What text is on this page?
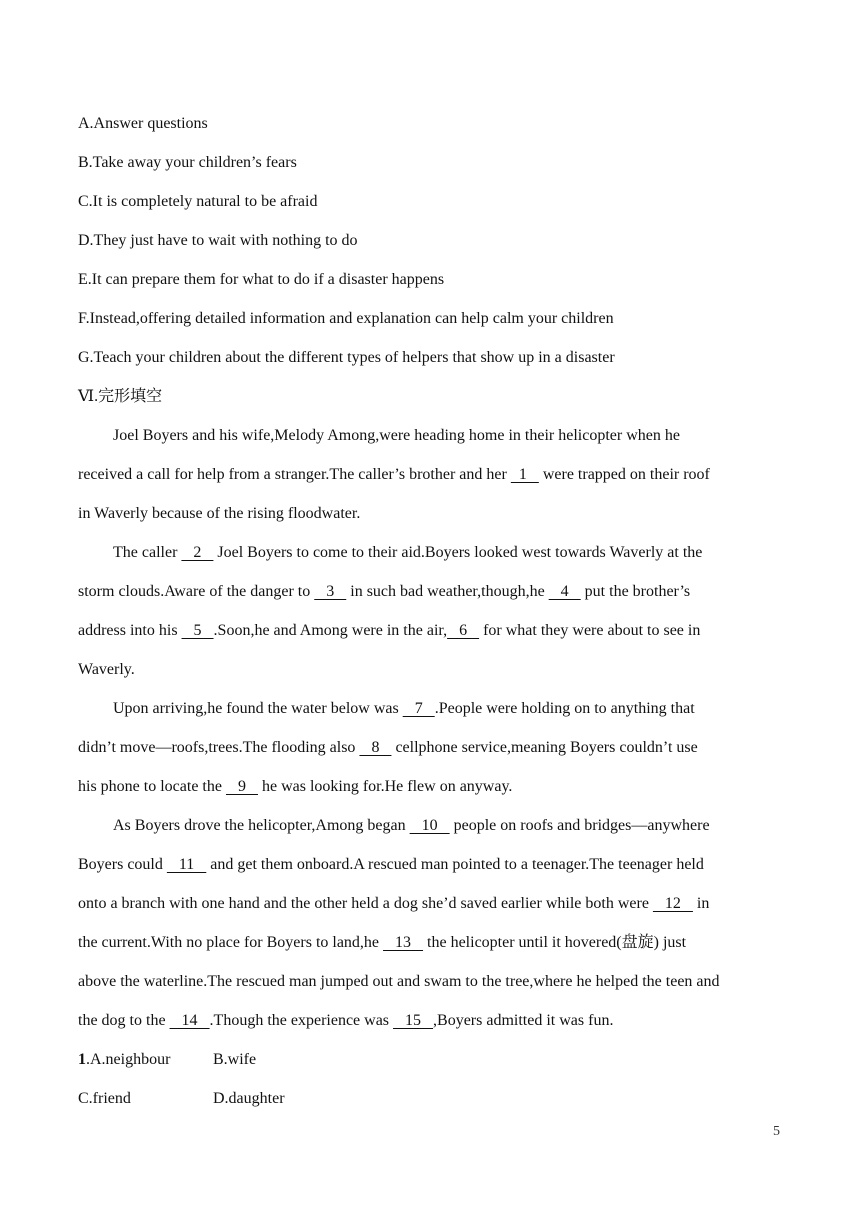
A.Answer questions
B.Take away your children’s fears
C.It is completely natural to be afraid
D.They just have to wait with nothing to do
E.It can prepare them for what to do if a disaster happens
F.Instead,offering detailed information and explanation can help calm your children
G.Teach your children about the different types of helpers that show up in a disaster
Ⅵ.完形填空
Joel Boyers and his wife,Melody Among,were heading home in their helicopter when he
received a call for help from a stranger.The caller’s brother and her   1    were trapped on their roof
in Waverly because of the rising floodwater.
The caller    2    Joel Boyers to come to their aid.Boyers looked west towards Waverly at the
storm clouds.Aware of the danger to    3    in such bad weather,though,he    4    put the brother’s
address into his    5   .Soon,he and Among were in the air,   6    for what they were about to see in
Waverly.
Upon arriving,he found the water below was    7   .People were holding on to anything that
didn’t move—roofs,trees.The flooding also    8    cellphone service,meaning Boyers couldn’t use
his phone to locate the    9    he was looking for.He flew on anyway.
As Boyers drove the helicopter,Among began    10    people on roofs and bridges—anywhere
Boyers could    11    and get them onboard.A rescued man pointed to a teenager.The teenager held
onto a branch with one hand and the other held a dog she’d saved earlier while both were    12    in
the current.With no place for Boyers to land,he    13    the helicopter until it hovered(盘旋) just
above the waterline.The rescued man jumped out and swam to the tree,where he helped the teen and
the dog to the    14   .Though the experience was    15   ,Boyers admitted it was fun.
1.A.neighbour	B.wife
C.friend	D.daughter
5
